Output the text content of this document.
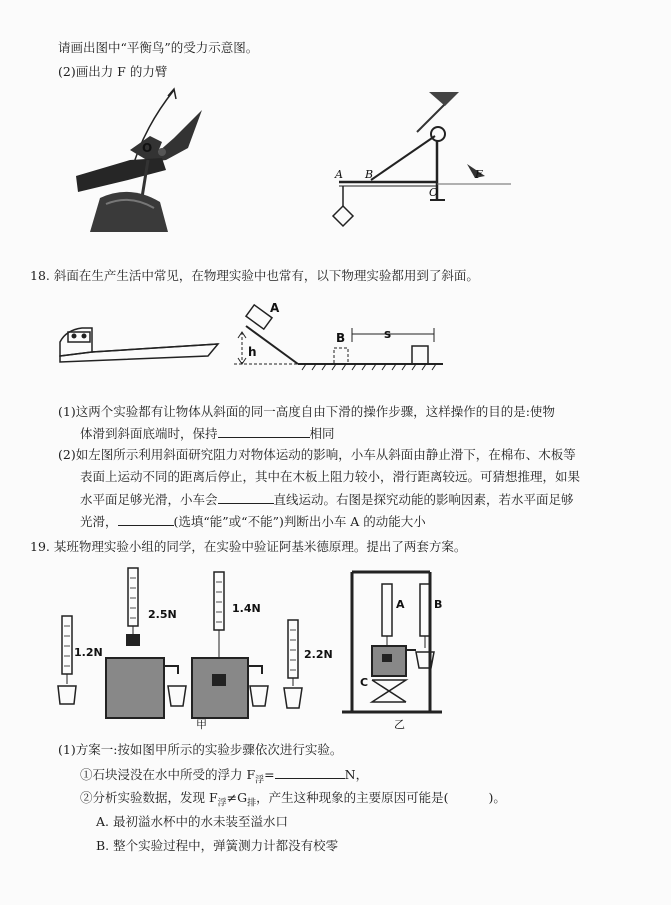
请画出图中“平衡鸟”的受力示意图。
(2)画出力 F 的力臂
O
A B
O
F
18. 斜面在生产生活中常见，在物理实验中也常有，以下物理实验都用到了斜面。
A
h
B	s
(1)这两个实验都有让物体从斜面的同一高度自由下滑的操作步骤，这样操作的目的是:使物
体滑到斜面底端时，保持	相同
(2)如左图所示利用斜面研究阻力对物体运动的影响，小车从斜面由静止滑下，在棉布、木板等
表面上运动不同的距离后停止，其中在木板上阻力较小，滑行距离较远。可猜想推理，如果
水平面足够光滑，小车会	直线运动。右图是探究动能的影响因素，若水平面足够
光滑，	(选填“能”或“不能”)判断出小车 A 的动能大小
19. 某班物理实验小组的同学，在实验中验证阿基米德原理。提出了两套方案。
1.2N
2.5N	1.4N
2.2N
甲	乙
A	B
C
(1)方案一:按如图甲所示的实验步骤依次进行实验。
①石块浸没在水中所受的浮力 $F_浮=$	N，
②分析实验数据，发现 $F_浮\ne G_排$，产生这种现象的主要原因可能是(	)。
A. 最初溢水杯中的水未装至溢水口
B. 整个实验过程中，弹簧测力计都没有校零
